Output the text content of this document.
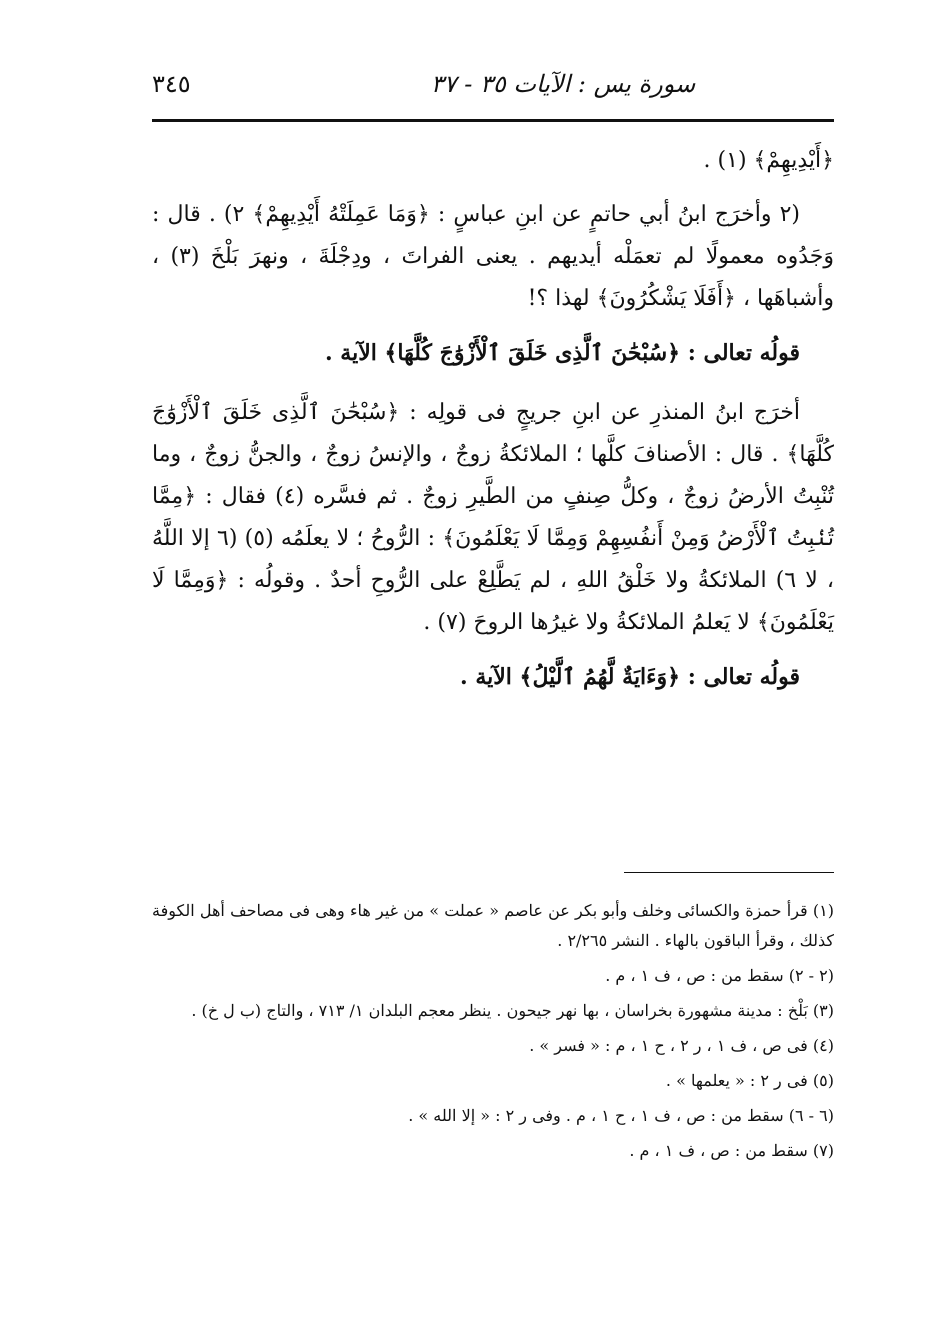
٣٤٥	سورة يس : الآيات ٣٥ - ٣٧

﴿أَيْدِيهِمْ﴾ (١) .

(٢ وأخرَج ابنُ أبي حاتمٍ عن ابنِ عباسٍ : ﴿وَمَا عَمِلَتْهُ أَيْدِيهِمْ﴾ ٢) . قال : وَجَدُوه معمولًا لم تعمَلْه أيديهم . يعنى الفراتَ ، ودِجْلَةَ ، ونهرَ بَلْخَ (٣) ، وأشباهَها ، ﴿أَفَلَا يَشْكُرُونَ﴾ لهذا ؟!

قولُه تعالى : ﴿سُبْحَٰنَ ٱلَّذِى خَلَقَ ٱلْأَزْوَٰجَ كُلَّهَا﴾ الآية .

أخرَج ابنُ المنذرِ عن ابنِ جريجٍ فى قولِه : ﴿سُبْحَٰنَ ٱلَّذِى خَلَقَ ٱلْأَزْوَٰجَ كُلَّهَا﴾ . قال : الأصنافَ كلَّها ؛ الملائكةُ زوجٌ ، والإنسُ زوجٌ ، والجنُّ زوجٌ ، وما تُنْبِتُ الأرضُ زوجٌ ، وكلُّ صِنفٍ من الطَّيرِ زوجٌ . ثم فسَّره (٤) فقال : ﴿مِمَّا تُنۢبِتُ ٱلْأَرْضُ وَمِنْ أَنفُسِهِمْ وَمِمَّا لَا يَعْلَمُونَ﴾ : الرُّوحُ ؛ لا يعلَمُه (٥) (٦ إلا اللَّهُ ، لا ٦) الملائكةُ ولا خَلْقُ اللهِ ، لم يَطَّلِعْ على الرُّوحِ أحدٌ . وقولُه : ﴿وَمِمَّا لَا يَعْلَمُونَ﴾ لا يَعلمُ الملائكةُ ولا غيرُها الروحَ (٧) .

قولُه تعالى : ﴿وَءَايَةٌ لَّهُمُ ٱلَّيْلُ﴾ الآية .

(١) قرأ حمزة والكسائى وخلف وأبو بكر عن عاصم « عملت » من غير هاء وهى فى مصاحف أهل الكوفة كذلك ، وقرأ الباقون بالهاء . النشر ٢/٢٦٥ .

(٢ - ٢) سقط من : ص ، ف ١ ، م .

(٣) بَلْخ : مدينة مشهورة بخراسان ، بها نهر جيحون . ينظر معجم البلدان ١/ ٧١٣ ، والتاج (ب ل خ) .

(٤) فى ص ، ف ١ ، ر ٢ ، ح ١ ، م : « فسر » .

(٥) فى ر ٢ : « يعلمها » .

(٦ - ٦) سقط من : ص ، ف ١ ، ح ١ ، م . وفى ر ٢ : « إلا الله » .

(٧) سقط من : ص ، ف ١ ، م .
